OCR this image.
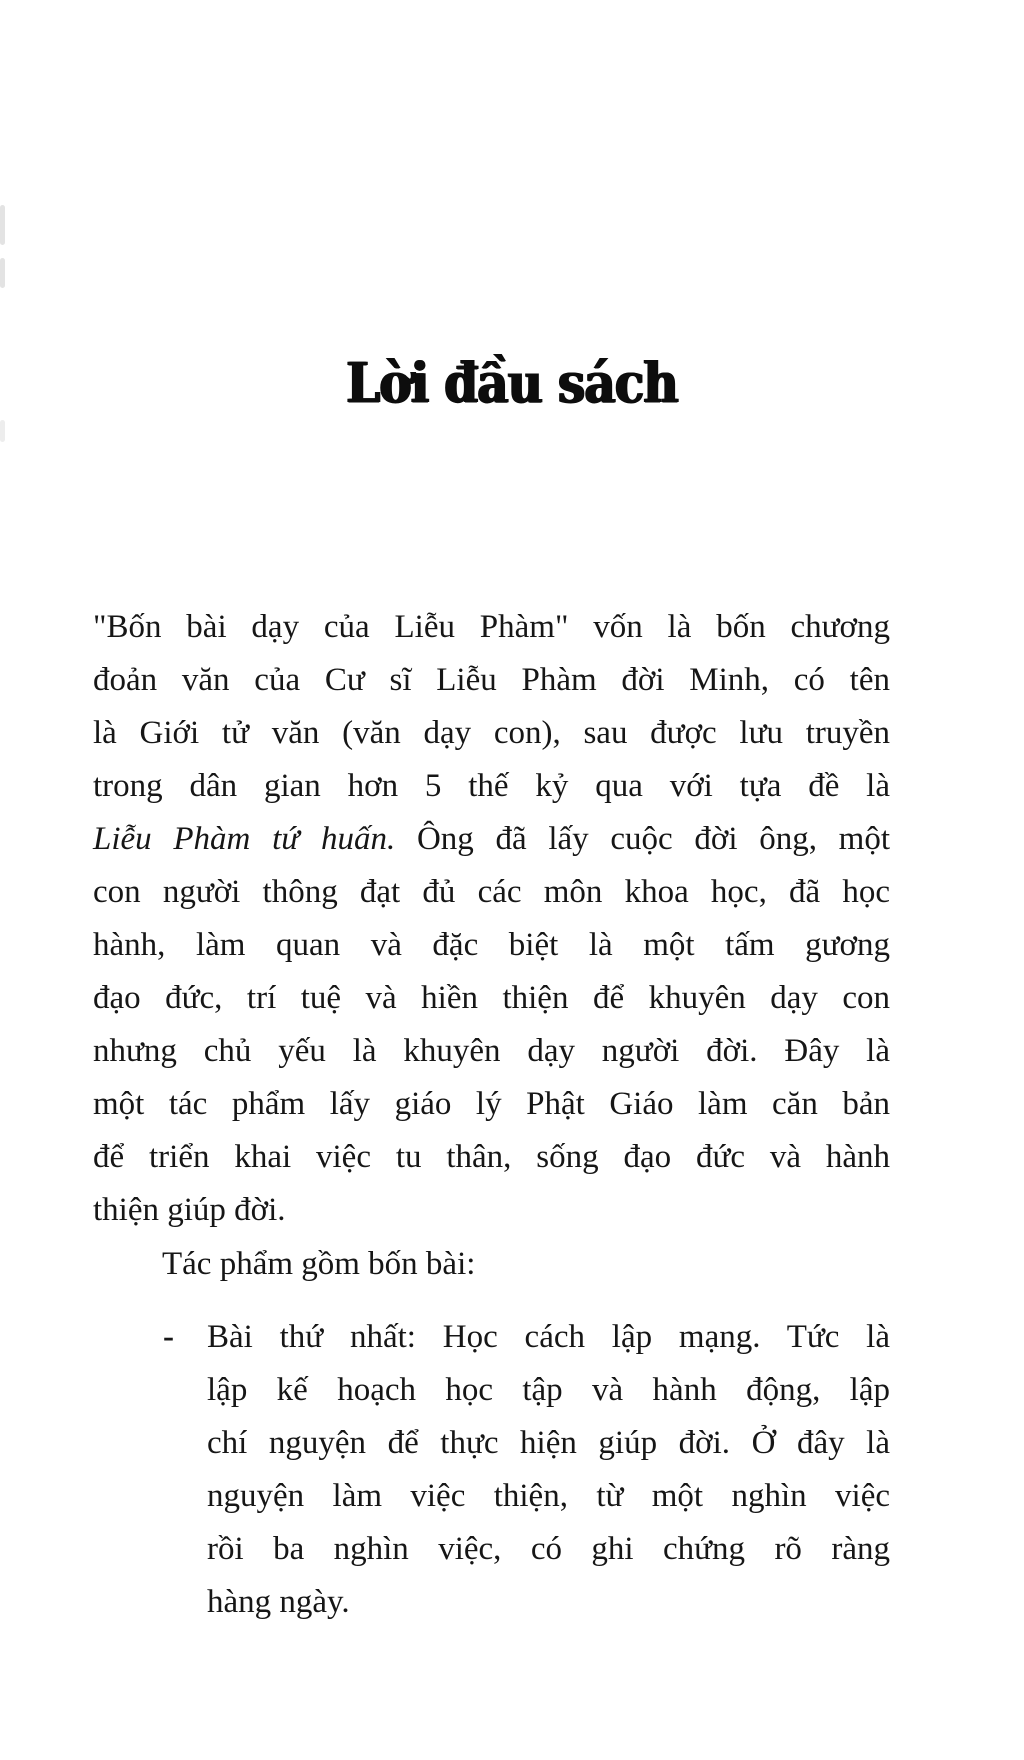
Lời đầu sách
"Bốn bài dạy của Liễu Phàm" vốn là bốn chương
đoản văn của Cư sĩ Liễu Phàm đời Minh, có tên
là Giới tử văn (văn dạy con), sau được lưu truyền
trong dân gian hơn 5 thế kỷ qua với tựa đề là
Liễu Phàm tứ huấn. Ông đã lấy cuộc đời ông, một
con người thông đạt đủ các môn khoa học, đã học
hành, làm quan và đặc biệt là một tấm gương
đạo đức, trí tuệ và hiền thiện để khuyên dạy con
nhưng chủ yếu là khuyên dạy người đời. Đây là
một tác phẩm lấy giáo lý Phật Giáo làm căn bản
để triển khai việc tu thân, sống đạo đức và hành
thiện giúp đời.
Tác phẩm gồm bốn bài:
- Bài thứ nhất: Học cách lập mạng. Tức là
lập kế hoạch học tập và hành động, lập
chí nguyện để thực hiện giúp đời. Ở đây là
nguyện làm việc thiện, từ một nghìn việc
rồi ba nghìn việc, có ghi chứng rõ ràng
hàng ngày.
